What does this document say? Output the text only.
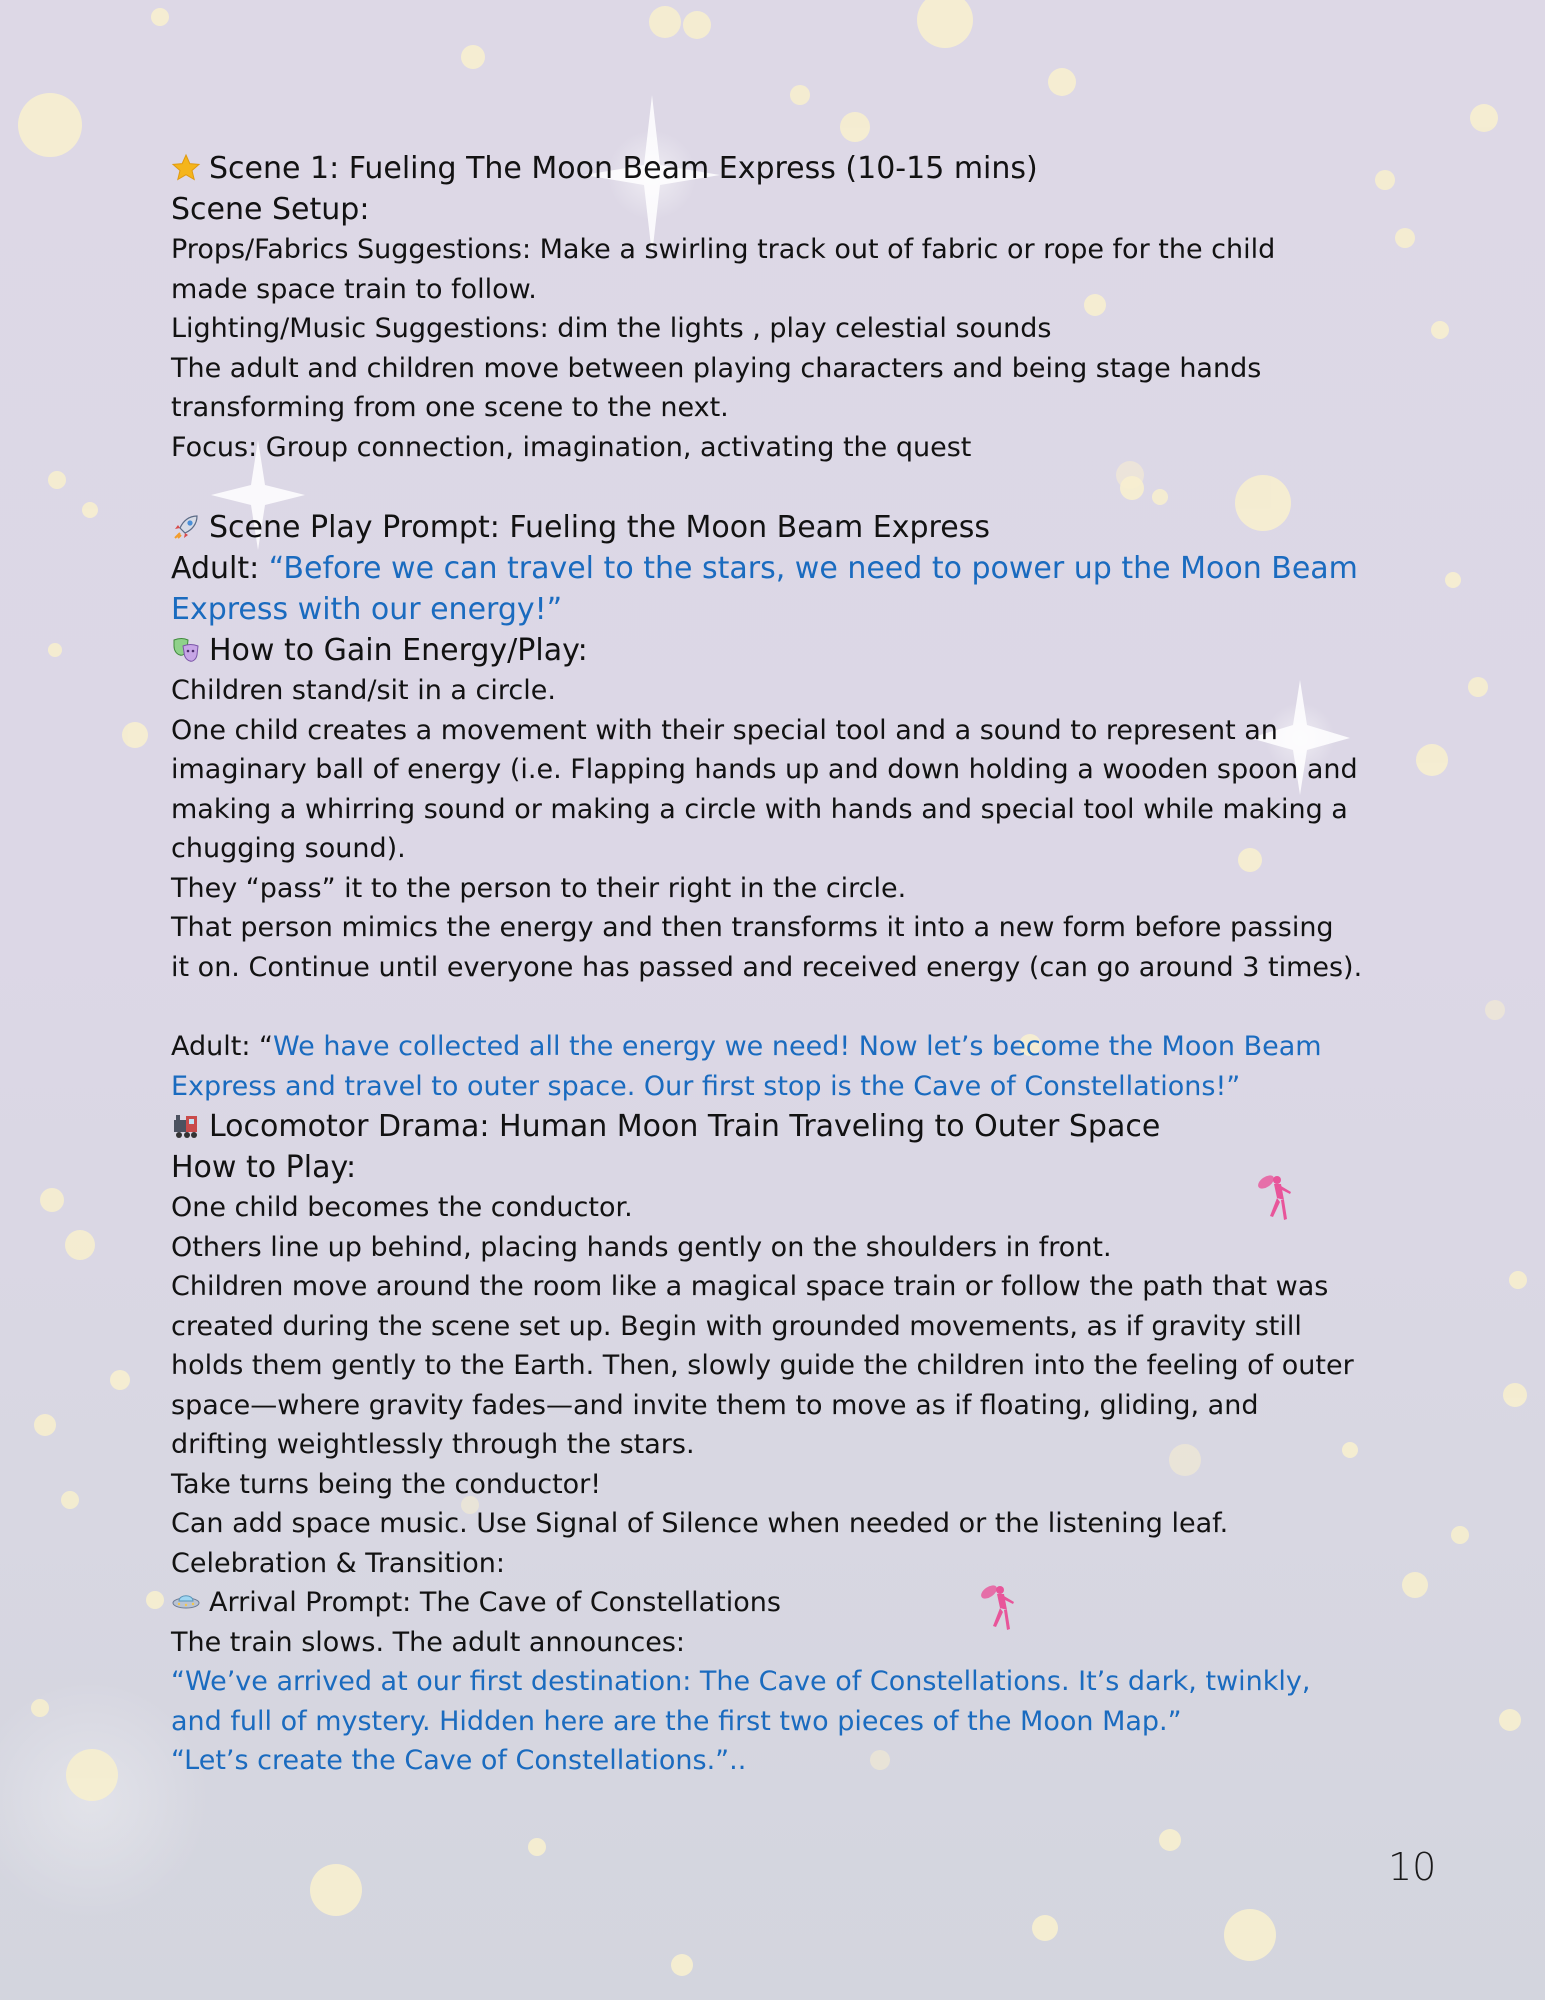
Scene 1: Fueling The Moon Beam Express (10-15 mins)
Scene Setup:
Props/Fabrics Suggestions: Make a swirling track out of fabric or rope for the child
made space train to follow.
Lighting/Music Suggestions: dim the lights , play celestial sounds
The adult and children move between playing characters and being stage hands
transforming from one scene to the next.
Focus: Group connection, imagination, activating the quest
Scene Play Prompt: Fueling the Moon Beam Express
Adult: “Before we can travel to the stars, we need to power up the Moon Beam
Express with our energy!”
How to Gain Energy/Play:
Children stand/sit in a circle.
One child creates a movement with their special tool and a sound to represent an
imaginary ball of energy (i.e. Flapping hands up and down holding a wooden spoon and
making a whirring sound or making a circle with hands and special tool while making a
chugging sound).
They “pass” it to the person to their right in the circle.
That person mimics the energy and then transforms it into a new form before passing
it on. Continue until everyone has passed and received energy (can go around 3 times).
Adult: “We have collected all the energy we need! Now let’s become the Moon Beam
Express and travel to outer space. Our first stop is the Cave of Constellations!”
Locomotor Drama: Human Moon Train Traveling to Outer Space
How to Play:
One child becomes the conductor.
Others line up behind, placing hands gently on the shoulders in front.
Children move around the room like a magical space train or follow the path that was
created during the scene set up. Begin with grounded movements, as if gravity still
holds them gently to the Earth. Then, slowly guide the children into the feeling of outer
space—where gravity fades—and invite them to move as if floating, gliding, and
drifting weightlessly through the stars.
Take turns being the conductor!
Can add space music. Use Signal of Silence when needed or the listening leaf.
Celebration & Transition:
Arrival Prompt: The Cave of Constellations
The train slows. The adult announces:
“We’ve arrived at our first destination: The Cave of Constellations. It’s dark, twinkly,
and full of mystery. Hidden here are the first two pieces of the Moon Map.”
“Let’s create the Cave of Constellations.”..
10
